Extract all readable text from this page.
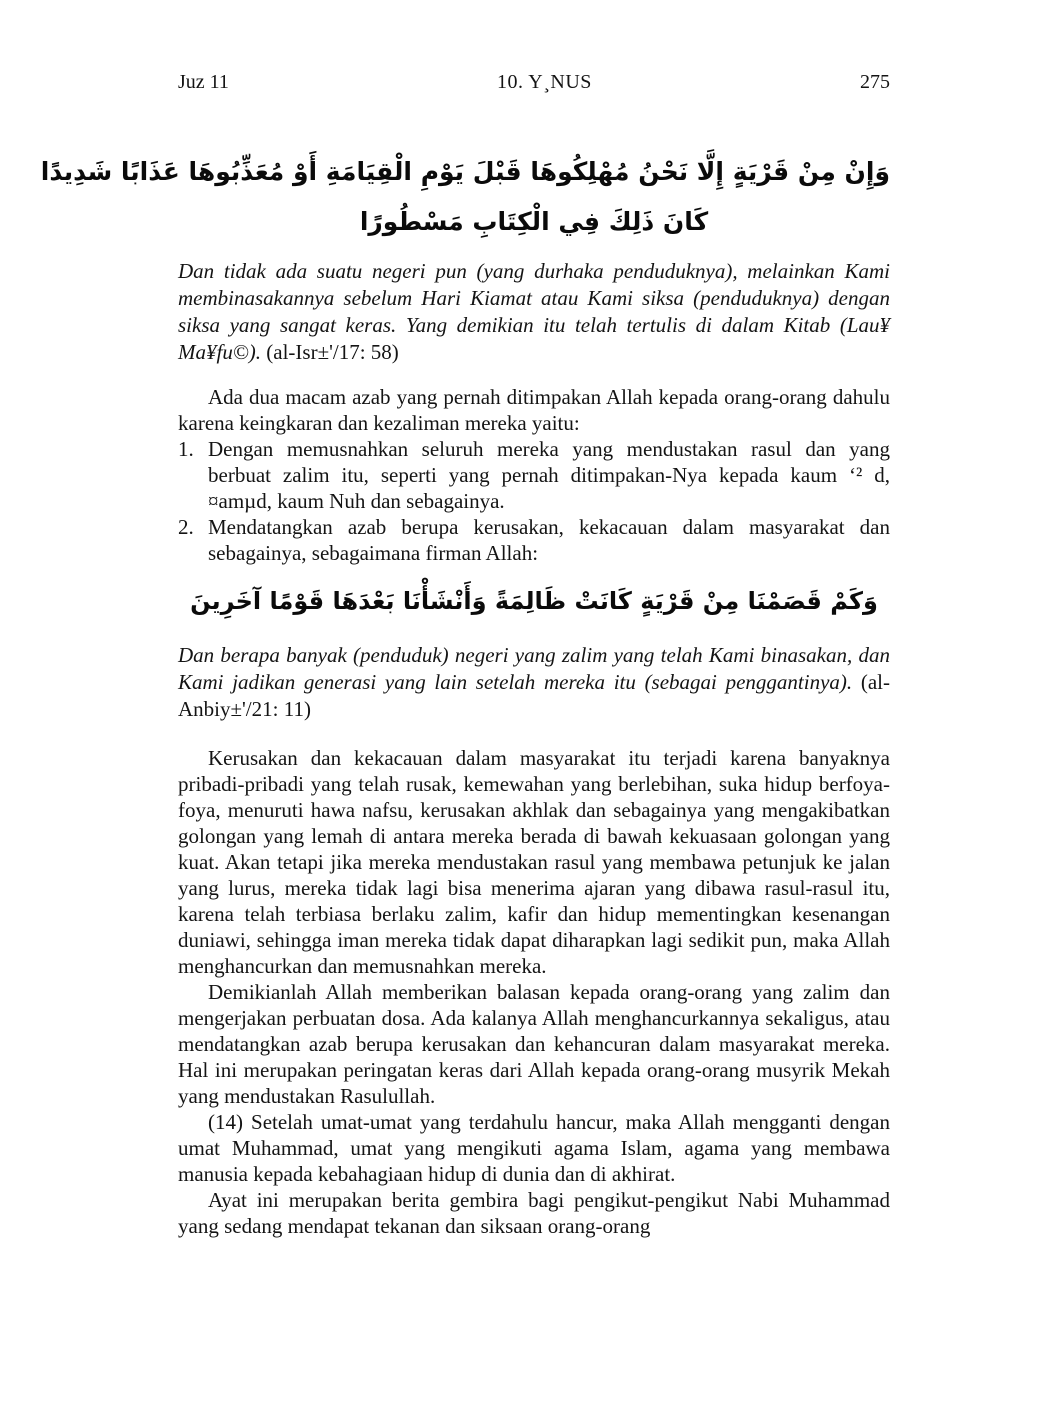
Juz 11	10. Y¸NUS	275
وَإِنْ مِنْ قَرْيَةٍ إِلَّا نَحْنُ مُهْلِكُوهَا قَبْلَ يَوْمِ الْقِيَامَةِ أَوْ مُعَذِّبُوهَا عَذَابًا شَدِيدًا
كَانَ ذَلِكَ فِي الْكِتَابِ مَسْطُورًا
Dan tidak ada suatu negeri pun (yang durhaka penduduknya), melainkan Kami membinasakannya sebelum Hari Kiamat atau Kami siksa (penduduknya) dengan siksa yang sangat keras. Yang demikian itu telah tertulis di dalam Kitab (Lau¥ Ma¥fu©). (al-Isr±'/17: 58)
Ada dua macam azab yang pernah ditimpakan Allah kepada orang-orang dahulu karena keingkaran dan kezaliman mereka yaitu:
1. Dengan memusnahkan seluruh mereka yang mendustakan rasul dan yang berbuat zalim itu, seperti yang pernah ditimpakan-Nya kepada kaum ‘² d, ¤amµd, kaum Nuh dan sebagainya.
2. Mendatangkan azab berupa kerusakan, kekacauan dalam masyarakat dan sebagainya, sebagaimana firman Allah:
وَكَمْ قَصَمْنَا مِنْ قَرْيَةٍ كَانَتْ ظَالِمَةً وَأَنْشَأْنَا بَعْدَهَا قَوْمًا آخَرِينَ
Dan berapa banyak (penduduk) negeri yang zalim yang telah Kami binasakan, dan Kami jadikan generasi yang lain setelah mereka itu (sebagai penggantinya). (al-Anbiy±'/21: 11)

Kerusakan dan kekacauan dalam masyarakat itu terjadi karena banyaknya pribadi-pribadi yang telah rusak, kemewahan yang berlebihan, suka hidup berfoya-foya, menuruti hawa nafsu, kerusakan akhlak dan sebagainya yang mengakibatkan golongan yang lemah di antara mereka berada di bawah kekuasaan golongan yang kuat. Akan tetapi jika mereka mendustakan rasul yang membawa petunjuk ke jalan yang lurus, mereka tidak lagi bisa menerima ajaran yang dibawa rasul-rasul itu, karena telah terbiasa berlaku zalim, kafir dan hidup mementingkan kesenangan duniawi, sehingga iman mereka tidak dapat diharapkan lagi sedikit pun, maka Allah menghancurkan dan memusnahkan mereka.

Demikianlah Allah memberikan balasan kepada orang-orang yang zalim dan mengerjakan perbuatan dosa. Ada kalanya Allah menghancurkannya sekaligus, atau mendatangkan azab berupa kerusakan dan kehancuran dalam masyarakat mereka. Hal ini merupakan peringatan keras dari Allah kepada orang-orang musyrik Mekah yang mendustakan Rasulullah.

(14) Setelah umat-umat yang terdahulu hancur, maka Allah mengganti dengan umat Muhammad, umat yang mengikuti agama Islam, agama yang membawa manusia kepada kebahagiaan hidup di dunia dan di akhirat.

Ayat ini merupakan berita gembira bagi pengikut-pengikut Nabi Muhammad yang sedang mendapat tekanan dan siksaan orang-orang
